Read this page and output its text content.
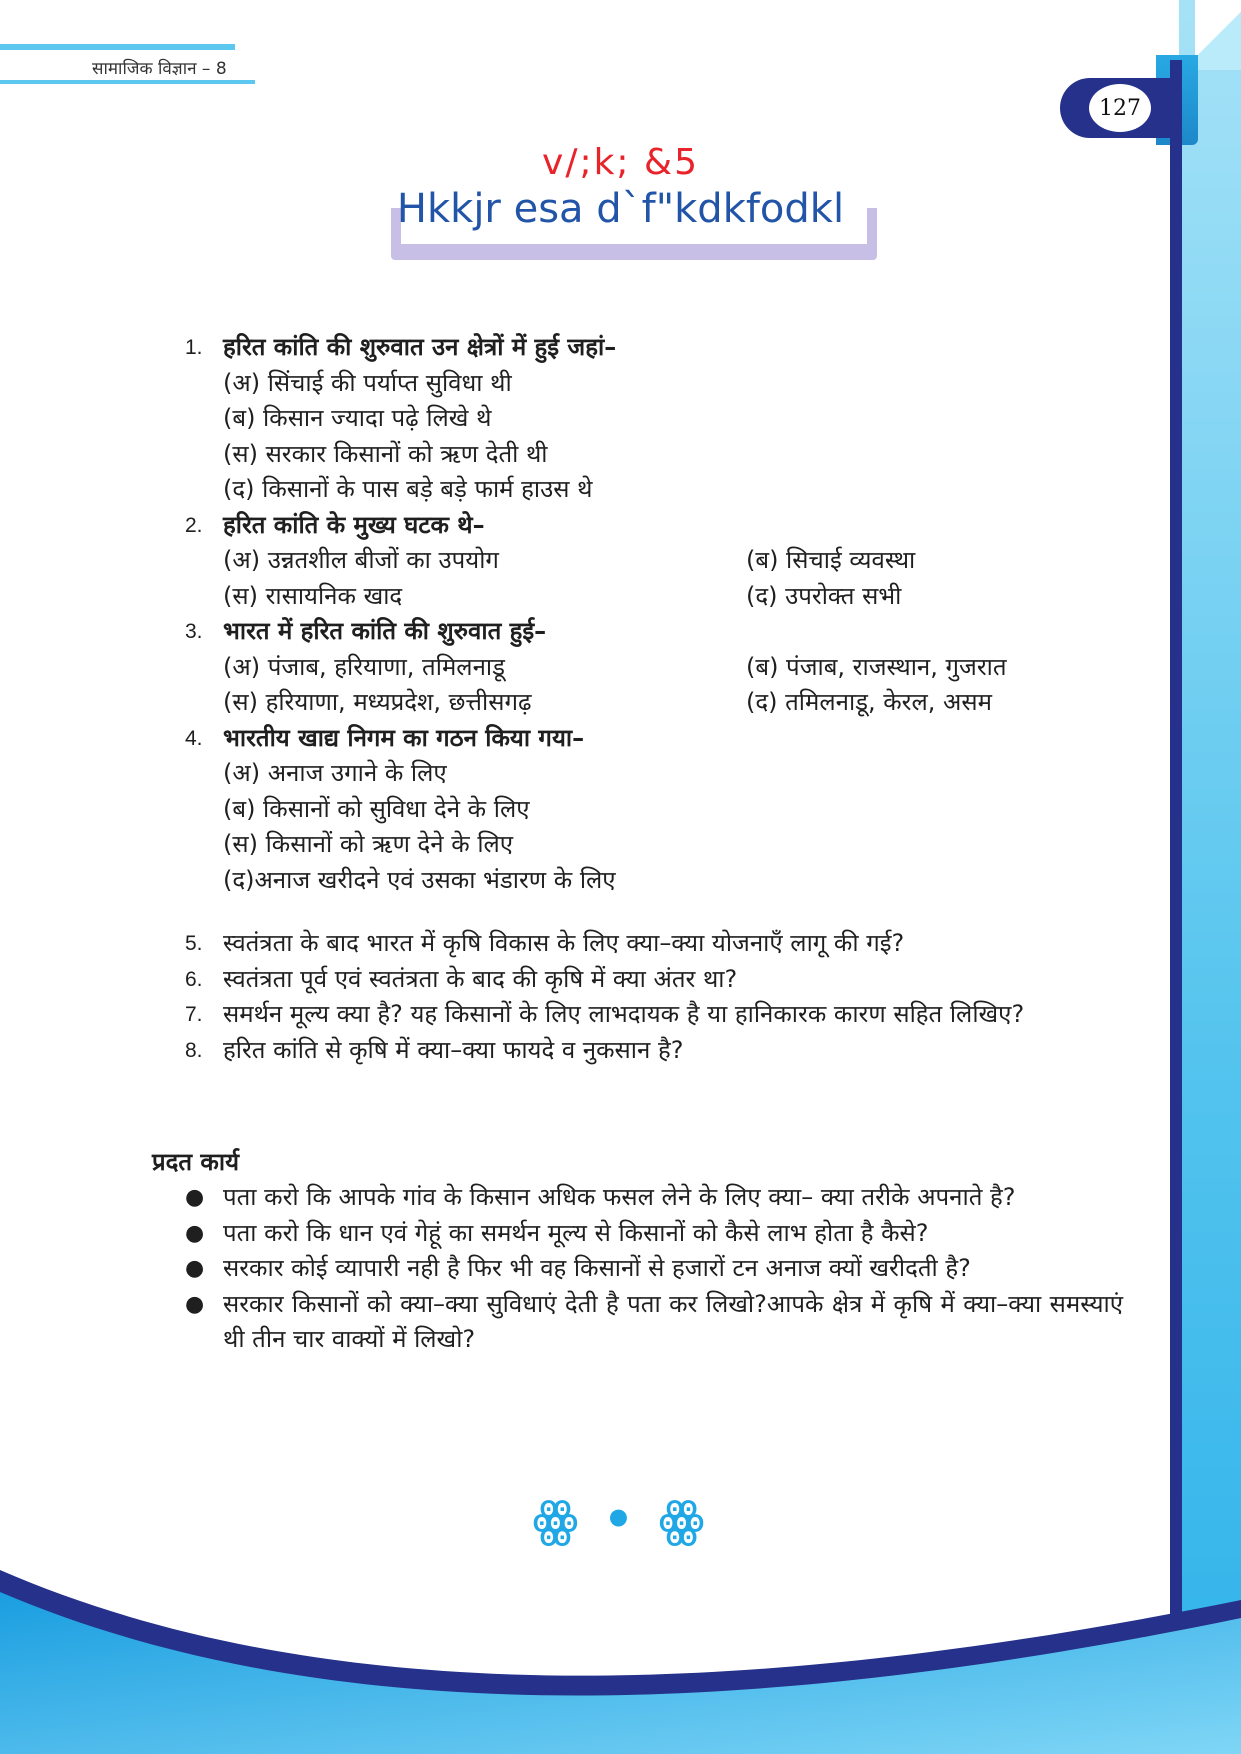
सामाजिक विज्ञान – 8
127
v/;k; &5
Hkkjr esa d`f"kdkfodkl
1. हरित कांति की शुरुवात उन क्षेत्रों में हुई जहां–
(अ) सिंचाई की पर्याप्त सुविधा थी
(ब) किसान ज्यादा पढ़े लिखे थे
(स) सरकार किसानों को ऋण देती थी
(द) किसानों के पास बड़े बड़े फार्म हाउस थे
2. हरित कांति के मुख्य घटक थे–
(अ) उन्नतशील बीजों का उपयोग	(ब) सिचाई व्यवस्था
(स) रासायनिक खाद	(द) उपरोक्त सभी
3. भारत में हरित कांति की शुरुवात हुई–
(अ) पंजाब, हरियाणा, तमिलनाडू	(ब) पंजाब, राजस्थान, गुजरात
(स) हरियाणा, मध्यप्रदेश, छत्तीसगढ़	(द) तमिलनाडू, केरल, असम
4. भारतीय खाद्य निगम का गठन किया गया–
(अ) अनाज उगाने के लिए
(ब) किसानों को सुविधा देने के लिए
(स) किसानों को ऋण देने के लिए
(द)अनाज खरीदने एवं उसका भंडारण के लिए
5. स्वतंत्रता के बाद भारत में कृषि विकास के लिए क्या–क्या योजनाएँ लागू की गई?
6. स्वतंत्रता पूर्व एवं स्वतंत्रता के बाद की कृषि में क्या अंतर था?
7. समर्थन मूल्य क्या है? यह किसानों के लिए लाभदायक है या हानिकारक कारण सहित लिखिए?
8. हरित कांति से कृषि में क्या–क्या फायदे व नुकसान है?
प्रदत कार्य
● पता करो कि आपके गांव के किसान अधिक फसल लेने के लिए क्या– क्या तरीके अपनाते है?
● पता करो कि धान एवं गेहूं का समर्थन मूल्य से किसानों को कैसे लाभ होता है कैसे?
● सरकार कोई व्यापारी नही है फिर भी वह किसानों से हजारों टन अनाज क्यों खरीदती है?
● सरकार किसानों को क्या–क्या सुविधाएं देती है पता कर लिखो?आपके क्षेत्र में कृषि में क्या–क्या समस्याएं थी तीन चार वाक्यों में लिखो?
ꙮ • ꙮ
